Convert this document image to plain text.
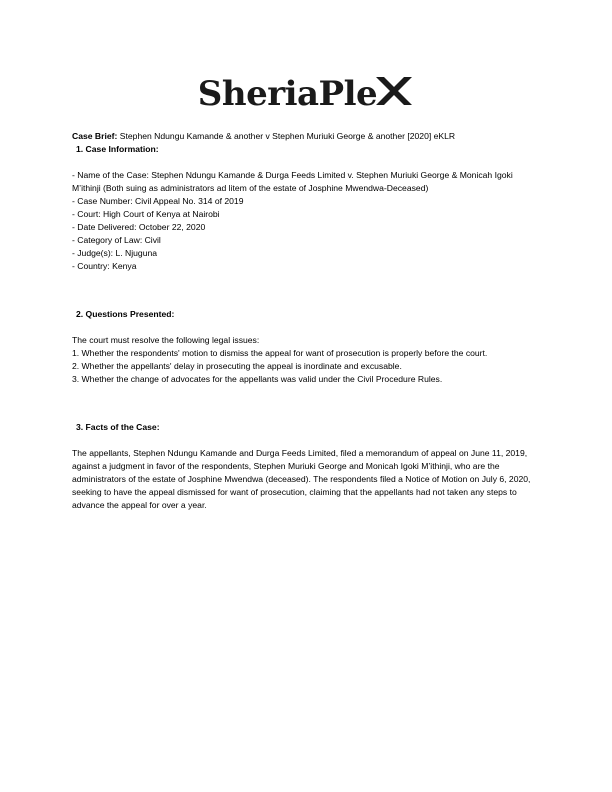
SheriaPle

Case Brief: Stephen Ndungu Kamande & another v Stephen Muriuki George & another [2020] eKLR

1. Case Information:

- Name of the Case: Stephen Ndungu Kamande & Durga Feeds Limited v. Stephen Muriuki George & Monicah Igoki M’ithinji (Both suing as administrators ad litem of the estate of Josphine Mwendwa-Deceased)

- Case Number: Civil Appeal No. 314 of 2019

- Court: High Court of Kenya at Nairobi

- Date Delivered: October 22, 2020

- Category of Law: Civil

- Judge(s): L. Njuguna

- Country: Kenya

2. Questions Presented:

The court must resolve the following legal issues:

1. Whether the respondents' motion to dismiss the appeal for want of prosecution is properly before the court.

2. Whether the appellants' delay in prosecuting the appeal is inordinate and excusable.

3. Whether the change of advocates for the appellants was valid under the Civil Procedure Rules.

3. Facts of the Case:

The appellants, Stephen Ndungu Kamande and Durga Feeds Limited, filed a memorandum of appeal on June 11, 2019, against a judgment in favor of the respondents, Stephen Muriuki George and Monicah Igoki M’ithinji, who are the administrators of the estate of Josphine Mwendwa (deceased). The respondents filed a Notice of Motion on July 6, 2020, seeking to have the appeal dismissed for want of prosecution, claiming that the appellants had not taken any steps to advance the appeal for over a year.
